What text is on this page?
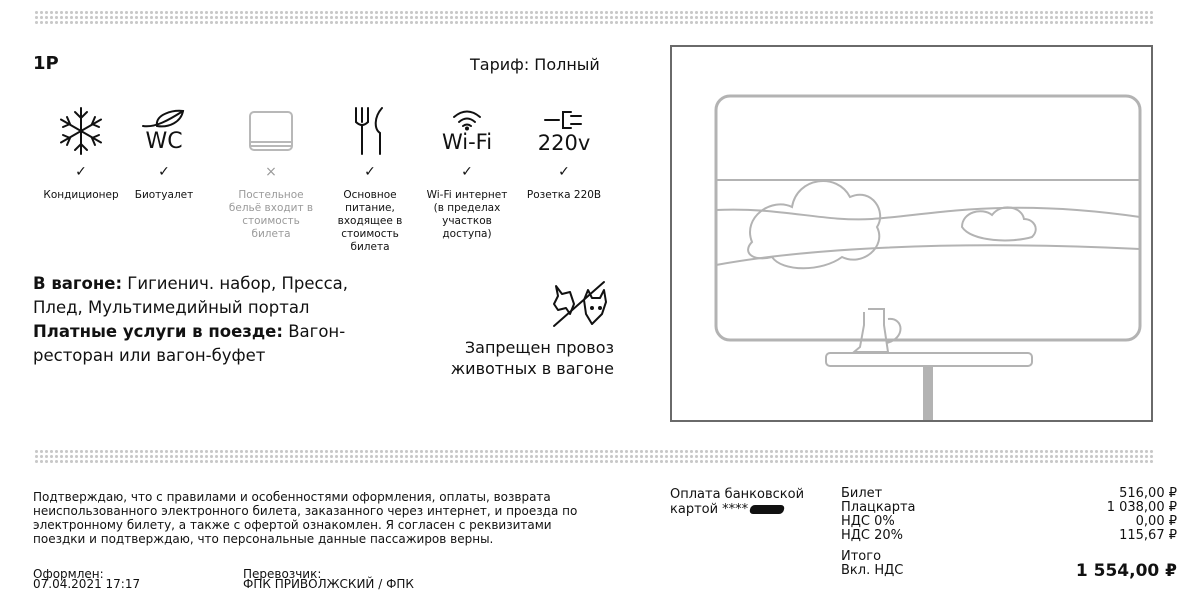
1Р	Тариф: Полный
✓
Кондиционер
WC
✓
Биотуалет
×
Постельное бельё входит в стоимость билета
✓
Основное питание, входящее в стоимость билета
Wi-Fi
✓
Wi-Fi интернет (в пределах участков доступа)
220v
✓
Розетка 220В
В вагоне: Гигиенич. набор, Пресса, Плед, Мультимедийный портал
Платные услуги в поезде: Вагон-ресторан или вагон-буфет	Запрещен провоз животных в вагоне
Подтверждаю, что с правилами и особенностями оформления, оплаты, возврата неиспользованного электронного билета, заказанного через интернет, и проезда по электронному билету, а также с офертой ознакомлен. Я согласен с реквизитами поездки и подтверждаю, что персональные данные пассажиров верны.
Оформлен:
07.04.2021 17:17
Перевозчик:
ФПК ПРИВОЛЖСКИЙ / ФПК
Оплата банковской
картой ****
Билет	516,00 ₽
Плацкарта	1 038,00 ₽
НДС 0%	0,00 ₽
НДС 20%	115,67 ₽
Итого
Вкл. НДС	1 554,00 ₽
